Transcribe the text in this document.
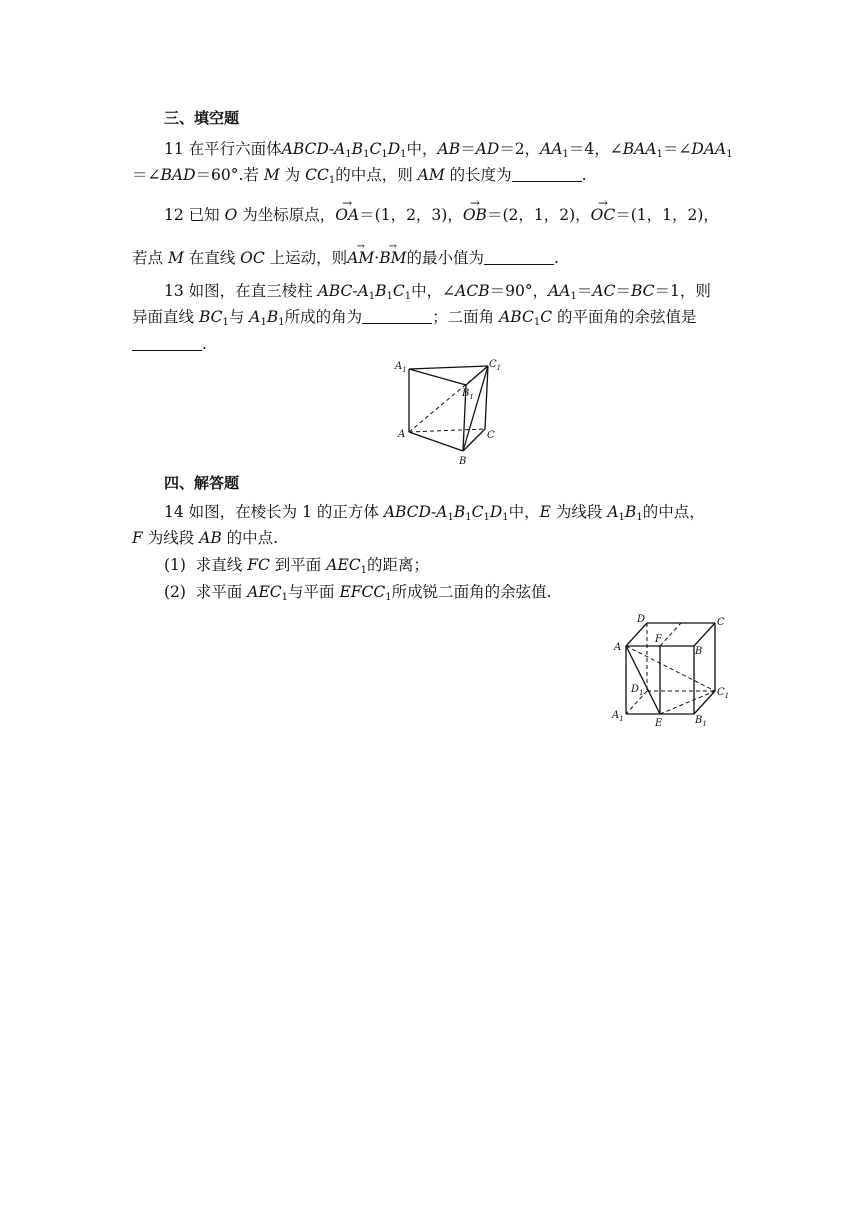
三、填空题
11 在平行六面体ABCD-$A_1B_1C_1D_1$中，AB＝AD＝2，$AA_1=4$，$\angle BAA_1=\angle DAA_1$
＝∠BAD＝60°.若 M 为 $CC_1$的中点，则 AM 的长度为	.
12 已知 O 为坐标原点，→ OA＝(1，2，3)，→ OB＝(2，1，2)，→ OC＝(1，1，2)，
若点 M 在直线 OC 上运动，则→ AM·→ BM的最小值为	.
13 如图，在直三棱柱 ABC-$A_1B_1C_1$中，∠ACB＝90°，$AA_1=AC=BC=1$，则
异面直线 $BC_1$与 $A_1B_1$所成的角为	；二面角 $ABC_1C$ 的平面角的余弦值是
.
$A_1$	$C_1$
$B_1$
A	C
B
四、解答题
14 如图，在棱长为 1 的正方体 ABCD-$A_1B_1C_1D_1$中，E 为线段 $A_1B_1$的中点，
F 为线段 AB 的中点.
(1)  求直线 FC 到平面 $AEC_1$的距离；
(2)  求平面 $AEC_1$与平面 $EFCC_1$所成锐二面角的余弦值.
D	C
A
F
B
$D_1$	$C_1$
$A_1$	E	$B_1$
